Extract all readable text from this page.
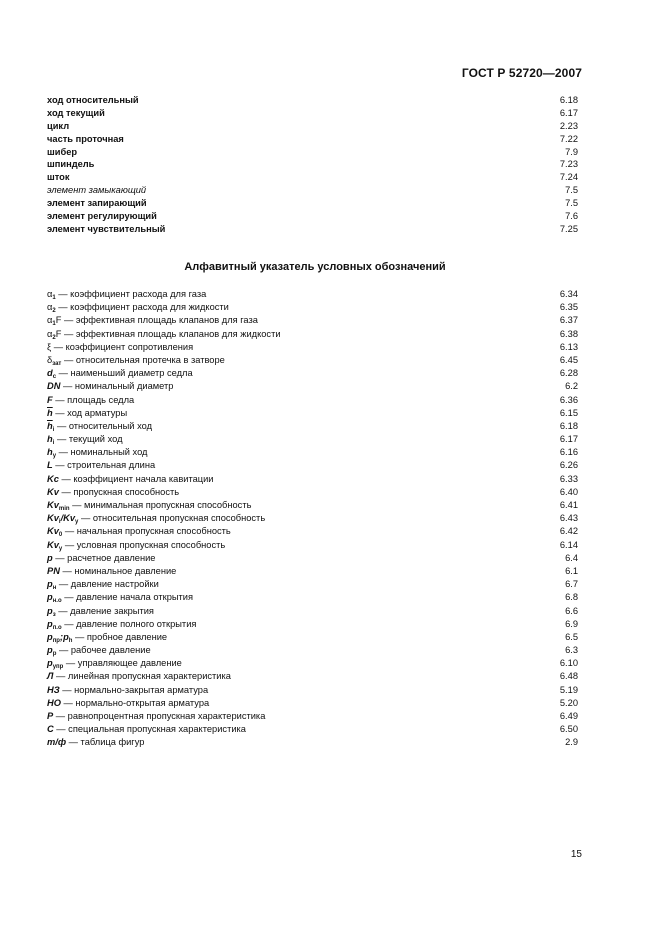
ГОСТ Р 52720—2007
ход относительный	6.18
ход текущий	6.17
цикл	2.23
часть проточная	7.22
шибер	7.9
шпиндель	7.23
шток	7.24
элемент замыкающий	7.5
элемент запирающий	7.5
элемент регулирующий	7.6
элемент чувствительный	7.25
Алфавитный указатель условных обозначений
$\alpha_1$ — коэффициент расхода для газа	6.34
$\alpha_2$ — коэффициент расхода для жидкости	6.35
$\alpha_1F$ — эффективная площадь клапанов для газа	6.37
$\alpha_2F$ — эффективная площадь клапанов для жидкости	6.38
ξ — коэффициент сопротивления	6.13
$\delta_{зат}$ — относительная протечка в затворе	6.45
$d_c$ — наименьший диаметр седла	6.28
DN — номинальный диаметр	6.2
F — площадь седла	6.36
$\overline{h}$ — ход арматуры	6.15
$\overline{h}_i$ — относительный ход	6.18
$h_i$ — текущий ход	6.17
$h_y$ — номинальный ход	6.16
L — строительная длина	6.26
Kc — коэффициент начала кавитации	6.33
Kv — пропускная способность	6.40
$Kv_{min}$ — минимальная пропускная способность	6.41
$Kv_i/Kv_y$ — относительная пропускная способность	6.43
$Kv_0$ — начальная пропускная способность	6.42
$Kv_y$ — условная пропускная способность	6.14
p — расчетное давление	6.4
PN — номинальное давление	6.1
$p_н$ — давление настройки	6.7
$p_{н.о}$ — давление начала открытия	6.8
$p_з$ — давление закрытия	6.6
$p_{п.о}$ — давление полного открытия	6.9
$p_{пр};p_h$ — пробное давление	6.5
$p_p$ — рабочее давление	6.3
$p_{упр}$ — управляющее давление	6.10
Л — линейная пропускная характеристика	6.48
НЗ — нормально-закрытая арматура	5.19
НО — нормально-открытая арматура	5.20
Р — равнопроцентная пропускная характеристика	6.49
С — специальная пропускная характеристика	6.50
т/ф — таблица фигур	2.9
15
